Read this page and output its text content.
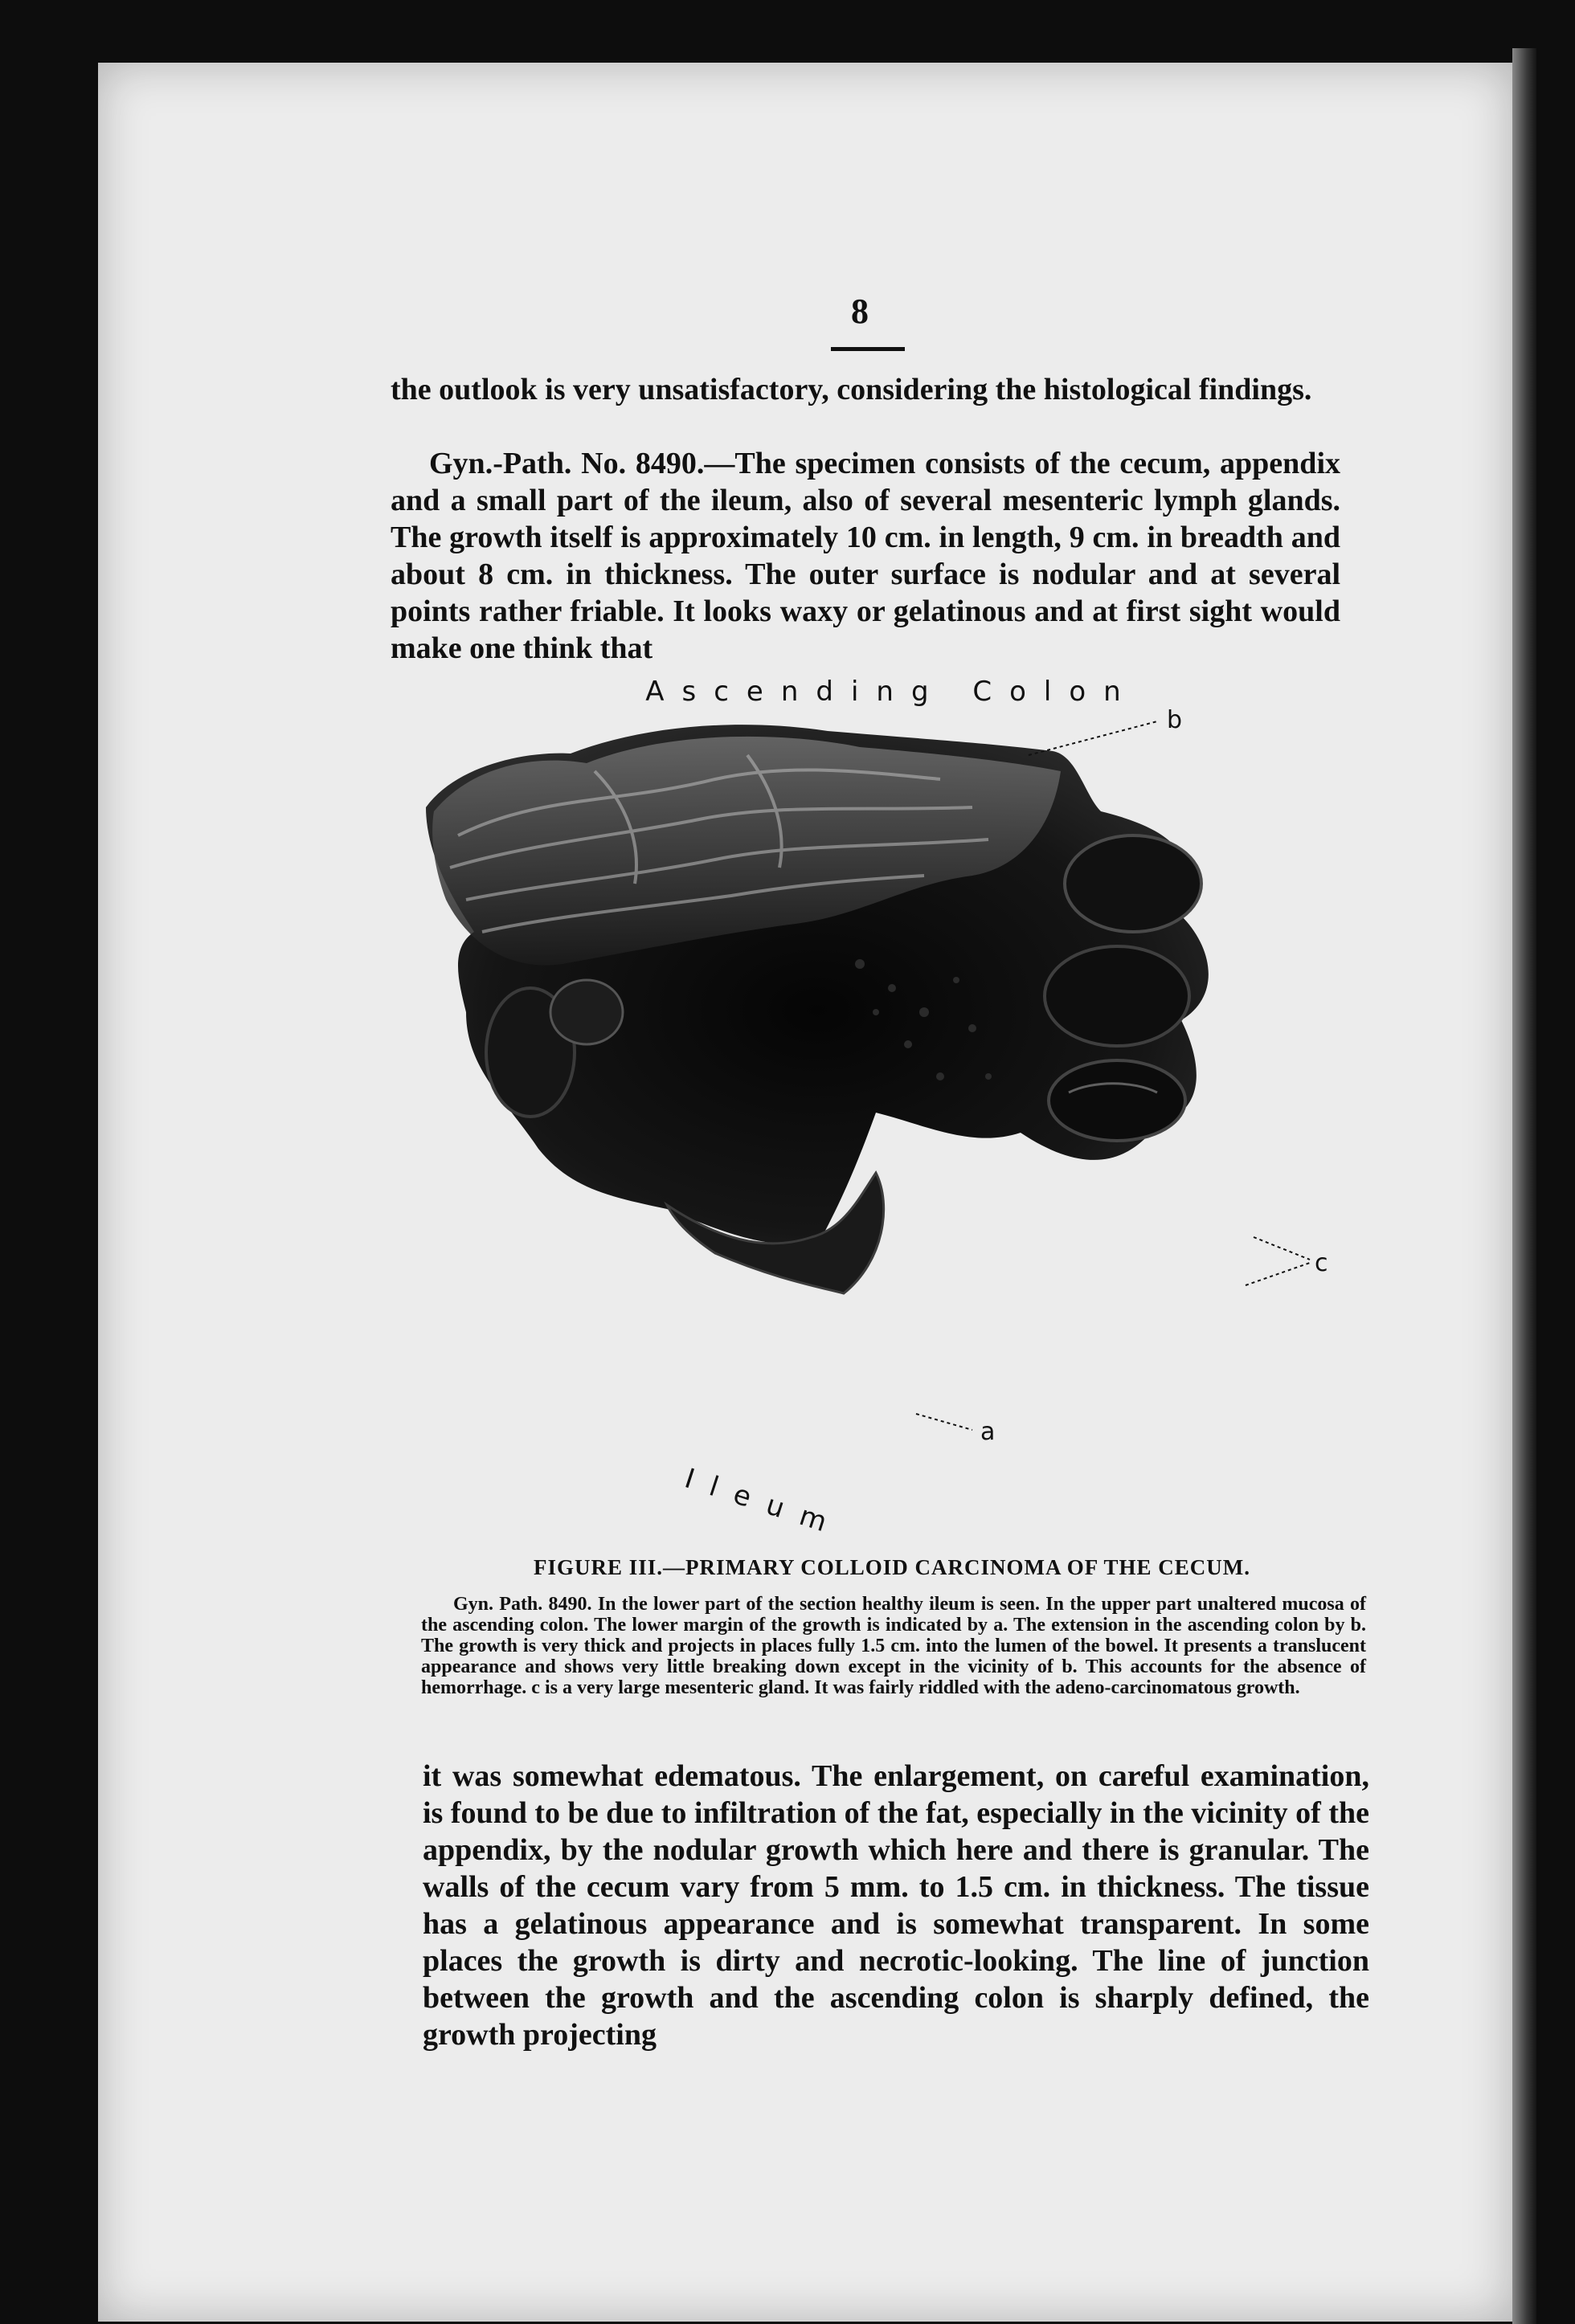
8

the outlook is very unsatisfactory, considering the histological findings.

Gyn.-Path. No. 8490.—The specimen consists of the cecum, appendix and a small part of the ileum, also of several mesenteric lymph glands. The growth itself is approximately 10 cm. in length, 9 cm. in breadth and about 8 cm. in thickness. The outer surface is nodular and at several points rather friable. It looks waxy or gelatinous and at first sight would make one think that

Ascending Colon
Ileum
b
c
a
FIGURE III.—PRIMARY COLLOID CARCINOMA OF THE CECUM.

Gyn. Path. 8490. In the lower part of the section healthy ileum is seen. In the upper part unaltered mucosa of the ascending colon. The lower margin of the growth is indicated by a. The extension in the ascending colon by b. The growth is very thick and projects in places fully 1.5 cm. into the lumen of the bowel. It presents a translucent appearance and shows very little breaking down except in the vicinity of b. This accounts for the absence of hemorrhage. c is a very large mesenteric gland. It was fairly riddled with the adeno-carcinomatous growth.

it was somewhat edematous. The enlargement, on careful examination, is found to be due to infiltration of the fat, especially in the vicinity of the appendix, by the nodular growth which here and there is granular. The walls of the cecum vary from 5 mm. to 1.5 cm. in thickness. The tissue has a gelatinous appearance and is somewhat transparent. In some places the growth is dirty and necrotic-looking. The line of junction between the growth and the ascending colon is sharply defined, the growth projecting
